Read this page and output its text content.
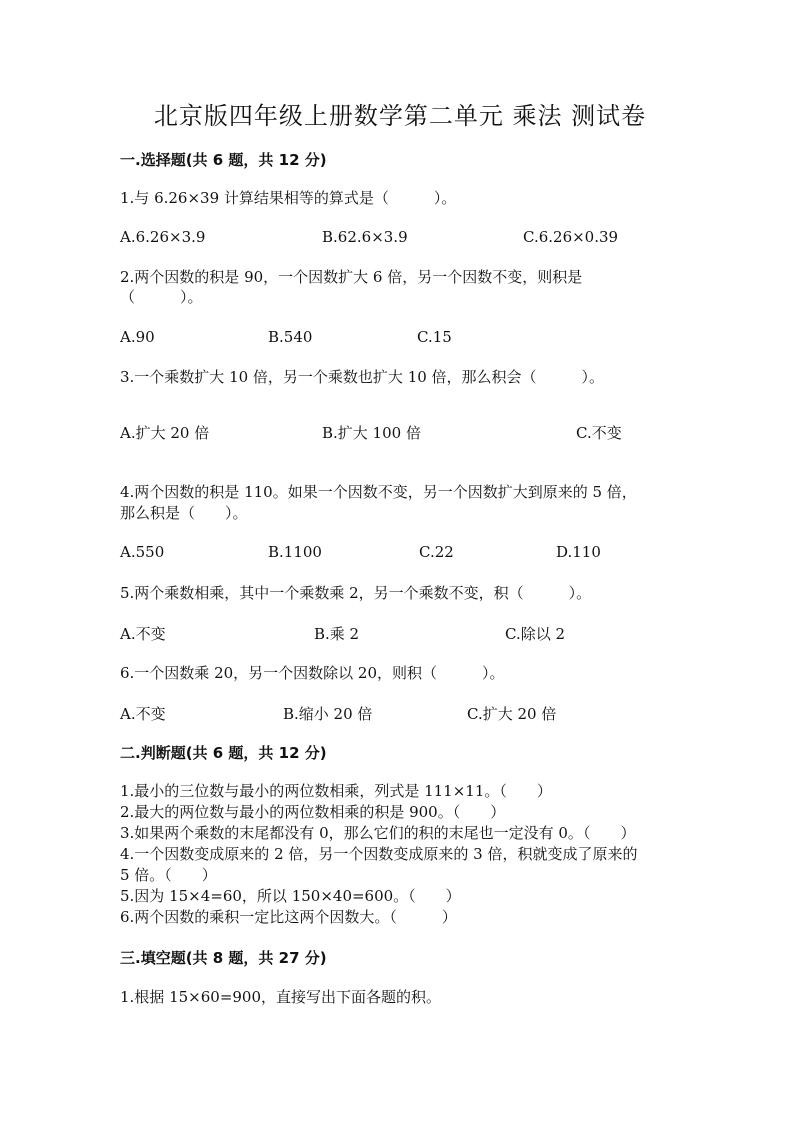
北京版四年级上册数学第二单元 乘法 测试卷
一.选择题(共 6 题，共 12 分)
1.与 6.26×39 计算结果相等的算式是（　　　）。
A.6.26×3.9	B.62.6×3.9	C.6.26×0.39
2.两个因数的积是 90，一个因数扩大 6 倍，另一个因数不变，则积是
（　　　）。
A.90	B.540	C.15
3.一个乘数扩大 10 倍，另一个乘数也扩大 10 倍，那么积会（　　　）。
A.扩大 20 倍	B.扩大 100 倍	C.不变
4.两个因数的积是 110。如果一个因数不变，另一个因数扩大到原来的 5 倍，
那么积是（　　）。
A.550	B.1100	C.22	D.110
5.两个乘数相乘，其中一个乘数乘 2，另一个乘数不变，积（　　　）。
A.不变	B.乘 2	C.除以 2
6.一个因数乘 20，另一个因数除以 20，则积（　　　）。
A.不变	B.缩小 20 倍	C.扩大 20 倍
二.判断题(共 6 题，共 12 分)
1.最小的三位数与最小的两位数相乘，列式是 111×11。（　　）
2.最大的两位数与最小的两位数相乘的积是 900。（　　）
3.如果两个乘数的末尾都没有 0，那么它们的积的末尾也一定没有 0。（　　）
4.一个因数变成原来的 2 倍，另一个因数变成原来的 3 倍，积就变成了原来的
5 倍。（　　）
5.因为 15×4=60，所以 150×40=600。（　　）
6.两个因数的乘积一定比这两个因数大。（　　　）
三.填空题(共 8 题，共 27 分)
1.根据 15×60=900，直接写出下面各题的积。
